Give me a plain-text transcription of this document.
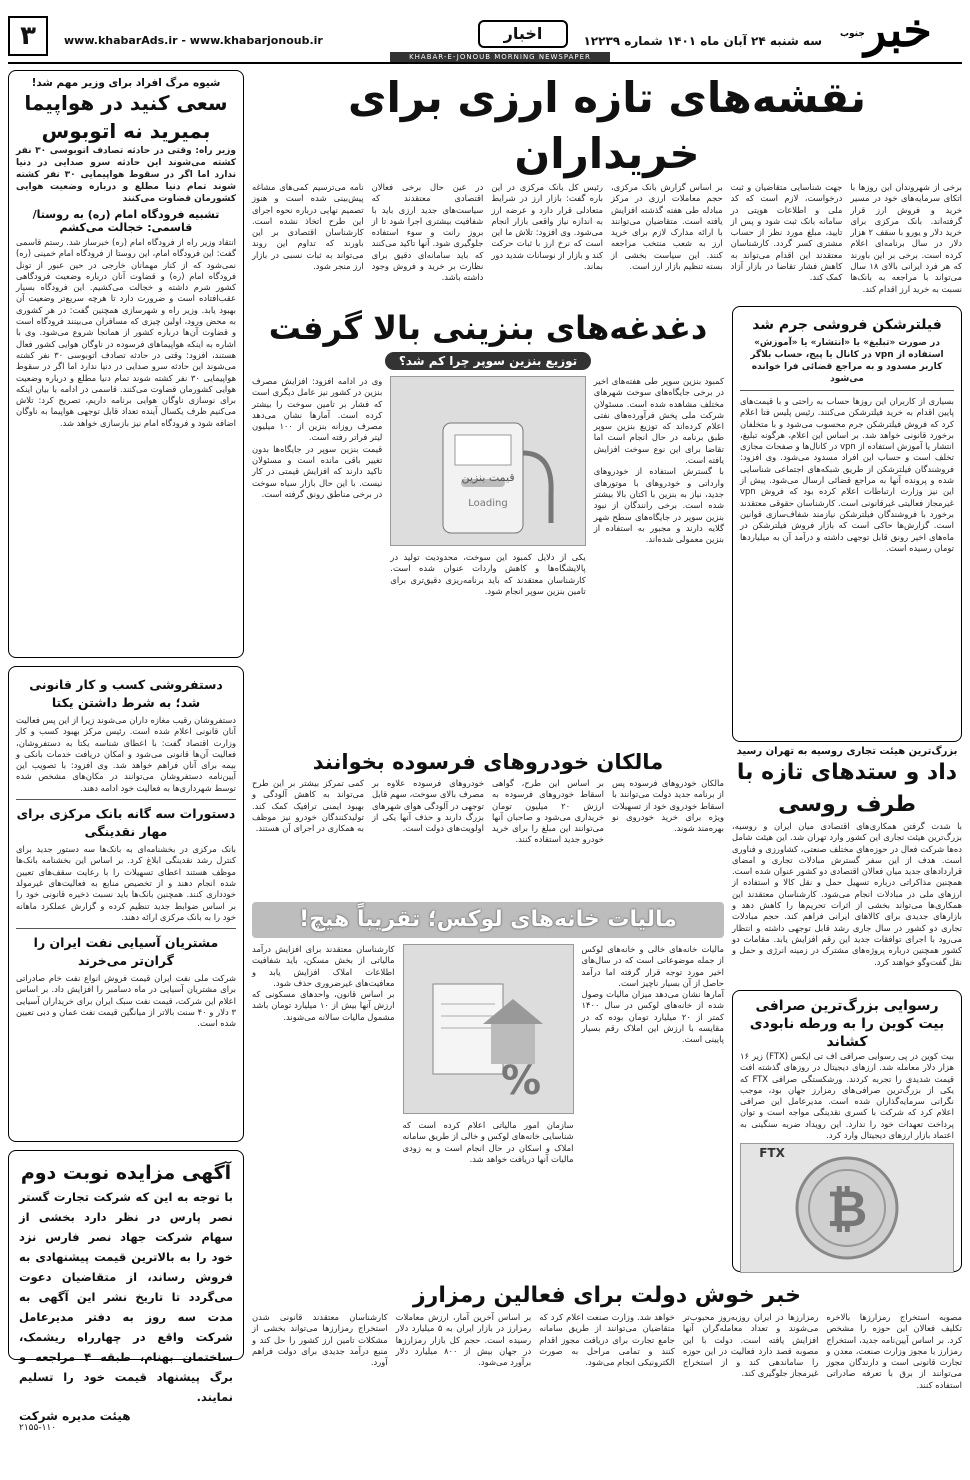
خبر
جنوب
سه شنبه ۲۴ آبان ماه ۱۴۰۱ شماره ۱۲۲۳۹
اخبار
www.khabarAds.ir - www.khabarjonoub.ir
۳
KHABAR-E-JONOUB MORNING NEWSPAPER
شیوه مرگ افراد برای وزیر مهم شد!
سعی کنید در هواپیما بمیرید نه اتوبوس
وزیر راه: وقتی در حادثه تصادف اتوبوسی ۳۰ نفر کشته می‌شوند این حادثه سرو صدایی در دنیا ندارد اما اگر در سقوط هواپیمایی ۳۰ نفر کشته شوند تمام دنیا مطلع و درباره وضعیت هوایی کشورمان قضاوت می‌کنند
تشبیه فرودگاه امام (ره) به روستا/ قاسمی: خجالت می‌کشم
انتقاد وزیر راه از فرودگاه امام (ره) خبرساز شد. رستم قاسمی گفت: این فرودگاه امام، این روستا از فرودگاه امام خمینی (ره) نمی‌شود که از کنار مهمانان خارجی در حین عبور از تونل فرودگاه امام (ره) و قضاوت آنان درباره وضعیت فرودگاهی کشور شرم داشته و خجالت می‌کشیم. این فرودگاه بسیار عقب‌افتاده است و ضرورت دارد تا هرچه سریع‌تر وضعیت آن بهبود یابد. وزیر راه و شهرسازی همچنین گفت: در هر کشوری به محض ورود، اولین چیزی که مسافران می‌بینند فرودگاه است و قضاوت آن‌ها درباره کشور از همانجا شروع می‌شود. وی با اشاره به اینکه هواپیماهای فرسوده در ناوگان هوایی کشور فعال هستند، افزود: وقتی در حادثه تصادف اتوبوسی ۳۰ نفر کشته می‌شوند این حادثه سرو صدایی در دنیا ندارد اما اگر در سقوط هواپیمایی ۳۰ نفر کشته شوند تمام دنیا مطلع و درباره وضعیت هوایی کشورمان قضاوت می‌کنند. قاسمی در ادامه با بیان اینکه برای نوسازی ناوگان هوایی برنامه داریم، تصریح کرد: تلاش می‌کنیم ظرف یکسال آینده تعداد قابل توجهی هواپیما به ناوگان اضافه شود و فرودگاه امام نیز بازسازی خواهد شد.
دستفروشی کسب و کار قانونی شد؛ به شرط داشتن یکتا
دستفروشان رقیب مغازه داران می‌شوند زیرا از این پس فعالیت آنان قانونی اعلام شده است. رئیس مرکز بهبود کسب و کار وزارت اقتصاد گفت: با اعطای شناسه یکتا به دستفروشان، فعالیت آن‌ها قانونی می‌شود و امکان دریافت خدمات بانکی و بیمه برای آنان فراهم خواهد شد. وی افزود: با تصویب این آیین‌نامه دستفروشان می‌توانند در مکان‌های مشخص شده توسط شهرداری‌ها به فعالیت خود ادامه دهند.
دستورات سه گانه بانک مرکزی برای مهار نقدینگی
بانک مرکزی در بخشنامه‌ای به بانک‌ها سه دستور جدید برای کنترل رشد نقدینگی ابلاغ کرد. بر اساس این بخشنامه بانک‌ها موظف هستند اعطای تسهیلات را با رعایت سقف‌های تعیین شده انجام دهند و از تخصیص منابع به فعالیت‌های غیرمولد خودداری کنند. همچنین بانک‌ها باید نسبت ذخیره قانونی خود را بر اساس ضوابط جدید تنظیم کرده و گزارش عملکرد ماهانه خود را به بانک مرکزی ارائه دهند.
مشتریان آسیایی نفت ایران را گران‌تر می‌خرند
شرکت ملی نفت ایران قیمت فروش انواع نفت خام صادراتی برای مشتریان آسیایی در ماه دسامبر را افزایش داد. بر اساس اعلام این شرکت، قیمت نفت سبک ایران برای خریداران آسیایی ۳ دلار و ۴۰ سنت بالاتر از میانگین قیمت نفت عمان و دبی تعیین شده است.
آگهی مزایده نوبت دوم
با توجه به این که شرکت تجارت گستر نصر پارس در نظر دارد بخشی از سهام شرکت جهاد نصر فارس نزد خود را به بالاترین قیمت پیشنهادی به فروش رساند، از متقاضیان دعوت می‌گردد تا تاریخ نشر این آگهی به مدت سه روز به دفتر مدیرعامل شرکت واقع در چهارراه ریشمک، ساختمان بهنام، طبقه ۴ مراجعه و برگ پیشنهاد قیمت خود را تسلیم نمایند.
هیئت مدیره شرکت
۲۱۵۵-۱۱۰
نقشه‌های تازه ارزی برای خریداران
برخی از شهروندان این روزها با اتکای سرمایه‌های خود در مسیر خرید و فروش ارز قرار گرفته‌اند. بانک مرکزی برای خرید دلار و یورو با سقف ۲ هزار دلار در سال برنامه‌ای اعلام کرده است. برخی بر این باورند که هر فرد ایرانی بالای ۱۸ سال می‌تواند با مراجعه به بانک‌ها نسبت به خرید ارز اقدام کند.
جهت شناسایی متقاضیان و ثبت درخواست، لازم است که کد ملی و اطلاعات هویتی در سامانه بانک ثبت شود و پس از تایید، مبلغ مورد نظر از حساب مشتری کسر گردد. کارشناسان معتقدند این اقدام می‌تواند به کاهش فشار تقاضا در بازار آزاد کمک کند.
بر اساس گزارش بانک مرکزی، حجم معاملات ارزی در مرکز مبادله طی هفته گذشته افزایش یافته است. متقاضیان می‌توانند با ارائه مدارک لازم برای خرید ارز به شعب منتخب مراجعه کنند. این سیاست بخشی از بسته تنظیم بازار ارز است.
رئیس کل بانک مرکزی در این باره گفت: بازار ارز در شرایط متعادلی قرار دارد و عرضه ارز به اندازه نیاز واقعی بازار انجام می‌شود. وی افزود: تلاش ما این است که نرخ ارز با ثبات حرکت کند و بازار از نوسانات شدید دور بماند.
در عین حال برخی فعالان اقتصادی معتقدند که سیاست‌های جدید ارزی باید با شفافیت بیشتری اجرا شود تا از بروز رانت و سوء استفاده جلوگیری شود. آنها تاکید می‌کنند که باید سامانه‌ای دقیق برای نظارت بر خرید و فروش وجود داشته باشد.
نامه می‌ترسیم کمی‌های مشاغه پیش‌بینی شده است و هنوز تصمیم نهایی درباره نحوه اجرای این طرح اتخاذ نشده است. کارشناسان اقتصادی بر این باورند که تداوم این روند می‌تواند به ثبات نسبی در بازار ارز منجر شود.
فیلترشکن فروشی جرم شد
در صورت «تبلیغ» یا «انتشار» یا «آموزش» استفاده از vpn در کانال یا پیج، حساب بلاگر کاربر مسدود و به مراجع قضائی فرا خوانده می‌شود
بسیاری از کاربران این روزها حساب به راحتی و با قیمت‌های پایین اقدام به خرید فیلترشکن می‌کنند. رئیس پلیس فتا اعلام کرد که فروش فیلترشکن جرم محسوب می‌شود و با متخلفان برخورد قانونی خواهد شد. بر اساس این اعلام، هرگونه تبلیغ، انتشار یا آموزش استفاده از vpn در کانال‌ها و صفحات مجازی تخلف است و حساب این افراد مسدود می‌شود. وی افزود: فروشندگان فیلترشکن از طریق شبکه‌های اجتماعی شناسایی شده و پرونده آنها به مراجع قضائی ارسال می‌شود. پیش از این نیز وزارت ارتباطات اعلام کرده بود که فروش vpn غیرمجاز فعالیتی غیرقانونی است. کارشناسان حقوقی معتقدند برخورد با فروشندگان فیلترشکن نیازمند شفاف‌سازی قوانین است. گزارش‌ها حاکی است که بازار فروش فیلترشکن در ماه‌های اخیر رونق قابل توجهی داشته و درآمد آن به میلیاردها تومان رسیده است.
دغدغه‌های بنزینی بالا گرفت
توزیع بنزین سوپر چرا کم شد؟
کمبود بنزین سوپر طی هفته‌های اخیر در برخی جایگاه‌های سوخت شهرهای مختلف مشاهده شده است. مسئولان شرکت ملی پخش فرآورده‌های نفتی اعلام کرده‌اند که توزیع بنزین سوپر طبق برنامه در حال انجام است اما تقاضا برای این نوع سوخت افزایش یافته است.
با گسترش استفاده از خودروهای وارداتی و خودروهای با موتورهای جدید، نیاز به بنزین با اکتان بالا بیشتر شده است. برخی رانندگان از نبود بنزین سوپر در جایگاه‌های سطح شهر گلایه دارند و مجبور به استفاده از بنزین معمولی شده‌اند.
قیمت بنزین
Loading
یکی از دلایل کمبود این سوخت، محدودیت تولید در پالایشگاه‌ها و کاهش واردات عنوان شده است. کارشناسان معتقدند که باید برنامه‌ریزی دقیق‌تری برای تامین بنزین سوپر انجام شود.
وی در ادامه افزود: افزایش مصرف بنزین در کشور نیز عامل دیگری است که فشار بر تامین سوخت را بیشتر کرده است. آمارها نشان می‌دهد مصرف روزانه بنزین از ۱۰۰ میلیون لیتر فراتر رفته است.
قیمت بنزین سوپر در جایگاه‌ها بدون تغییر باقی مانده است و مسئولان تاکید دارند که افزایش قیمتی در کار نیست. با این حال بازار سیاه سوخت در برخی مناطق رونق گرفته است.
بزرگ‌ترین هیئت تجاری روسیه به تهران رسید
داد و ستدهای تازه با طرف روسی
با شدت گرفتن همکاری‌های اقتصادی میان ایران و روسیه، بزرگ‌ترین هیئت تجاری این کشور وارد تهران شد. این هیئت شامل ده‌ها شرکت فعال در حوزه‌های مختلف صنعتی، کشاورزی و فناوری است. هدف از این سفر گسترش مبادلات تجاری و امضای قراردادهای جدید میان فعالان اقتصادی دو کشور عنوان شده است. همچنین مذاکراتی درباره تسهیل حمل و نقل کالا و استفاده از ارزهای ملی در مبادلات انجام می‌شود. کارشناسان معتقدند این همکاری‌ها می‌تواند بخشی از اثرات تحریم‌ها را کاهش دهد و بازارهای جدیدی برای کالاهای ایرانی فراهم کند. حجم مبادلات تجاری دو کشور در سال جاری رشد قابل توجهی داشته و انتظار می‌رود با اجرای توافقات جدید این رقم افزایش یابد. مقامات دو کشور همچنین درباره پروژه‌های مشترک در زمینه انرژی و حمل و نقل گفت‌وگو خواهند کرد.
رسوایی بزرگ‌ترین صرافی
بیت کوین را به ورطه نابودی کشاند
بیت کوین در پی رسوایی صرافی اف تی ایکس (FTX) زیر ۱۶ هزار دلار معامله شد. ارزهای دیجیتال در روزهای گذشته افت قیمت شدیدی را تجربه کردند. ورشکستگی صرافی FTX که یکی از بزرگ‌ترین صرافی‌های رمزارز جهان بود، موجب نگرانی سرمایه‌گذاران شده است. مدیرعامل این صرافی اعلام کرد که شرکت با کسری نقدینگی مواجه است و توان پرداخت تعهدات خود را ندارد. این رویداد ضربه سنگینی به اعتماد بازار ارزهای دیجیتال وارد کرد.
₿
FTX
مالکان خودروهای فرسوده بخوانند
مالکان خودروهای فرسوده پس از برنامه جدید دولت می‌توانند با اسقاط خودروی خود از تسهیلات ویژه برای خرید خودروی نو بهره‌مند شوند.
بر اساس این طرح، گواهی اسقاط خودروهای فرسوده به ارزش ۲۰ میلیون تومان خریداری می‌شود و صاحبان آنها می‌توانند این مبلغ را برای خرید خودرو جدید استفاده کنند.
خودروهای فرسوده علاوه بر مصرف بالای سوخت، سهم قابل توجهی در آلودگی هوای شهرهای بزرگ دارند و حذف آنها یکی از اولویت‌های دولت است.
کمی تمرکز بیشتر بر این طرح می‌تواند به کاهش آلودگی و بهبود ایمنی ترافیک کمک کند. تولیدکنندگان خودرو نیز موظف به همکاری در اجرای آن هستند.
مالیات خانه‌های لوکس؛ تقریباً هیچ!
مالیات خانه‌های خالی و خانه‌های لوکس از جمله موضوعاتی است که در سال‌های اخیر مورد توجه قرار گرفته اما درآمد حاصل از آن بسیار ناچیز است.
آمارها نشان می‌دهد میزان مالیات وصول شده از خانه‌های لوکس در سال ۱۴۰۰ کمتر از ۲۰ میلیارد تومان بوده که در مقایسه با ارزش این املاک رقم بسیار پایینی است.
%
سازمان امور مالیاتی اعلام کرده است که شناسایی خانه‌های لوکس و خالی از طریق سامانه املاک و اسکان در حال انجام است و به زودی مالیات آنها دریافت خواهد شد.
کارشناسان معتقدند برای افزایش درآمد مالیاتی از بخش مسکن، باید شفافیت اطلاعات املاک افزایش یابد و معافیت‌های غیرضروری حذف شود.
بر اساس قانون، واحدهای مسکونی که ارزش آنها بیش از ۱۰ میلیارد تومان باشد مشمول مالیات سالانه می‌شوند.
خبر خوش دولت برای فعالین رمزارز
مصوبه استخراج رمزارزها بالاخره تکلیف فعالان این حوزه را مشخص کرد. بر اساس آیین‌نامه جدید، استخراج رمزارز با مجوز وزارت صنعت، معدن و تجارت قانونی است و دارندگان مجوز می‌توانند از برق با تعرفه صادراتی استفاده کنند.
رمزارزها در ایران روزبه‌روز محبوب‌تر می‌شوند و تعداد معامله‌گران آنها افزایش یافته است. دولت با این مصوبه قصد دارد فعالیت در این حوزه را ساماندهی کند و از استخراج غیرمجاز جلوگیری کند.
خواهد شد. وزارت صنعت اعلام کرد که متقاضیان می‌توانند از طریق سامانه جامع تجارت برای دریافت مجوز اقدام کنند و تمامی مراحل به صورت الکترونیکی انجام می‌شود.
بر اساس آخرین آمار، ارزش معاملات رمزارز در بازار ایران به ۵ میلیارد دلار رسیده است. حجم کل بازار رمزارزها در جهان بیش از ۸۰۰ میلیارد دلار برآورد می‌شود.
کارشناسان معتقدند قانونی شدن استخراج رمزارزها می‌تواند بخشی از مشکلات تامین ارز کشور را حل کند و منبع درآمد جدیدی برای دولت فراهم آورد.
